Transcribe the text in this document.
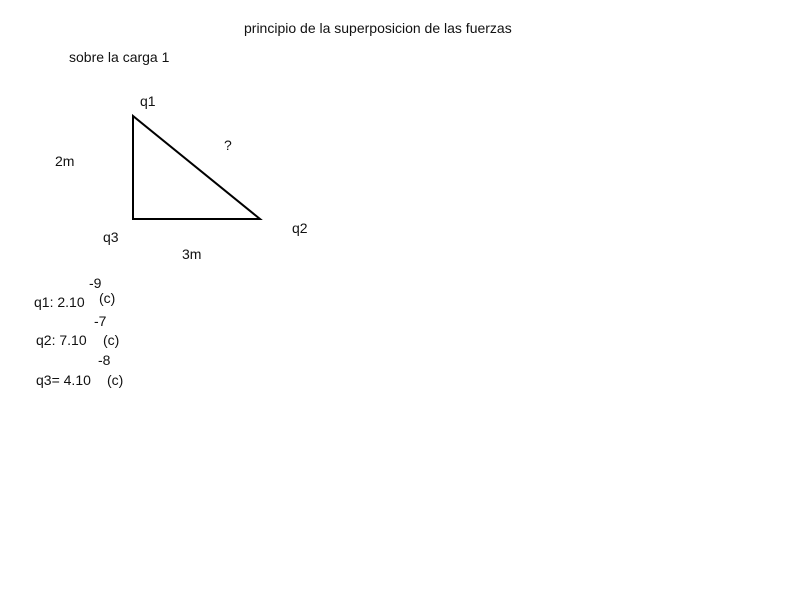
principio de la superposicion de las fuerzas
sobre la carga 1
q1
?
2m
q2
q3
3m
-9
(c)
q1: 2.10
-7
q2: 7.10 (c)
-8
q3= 4.10 (c)
